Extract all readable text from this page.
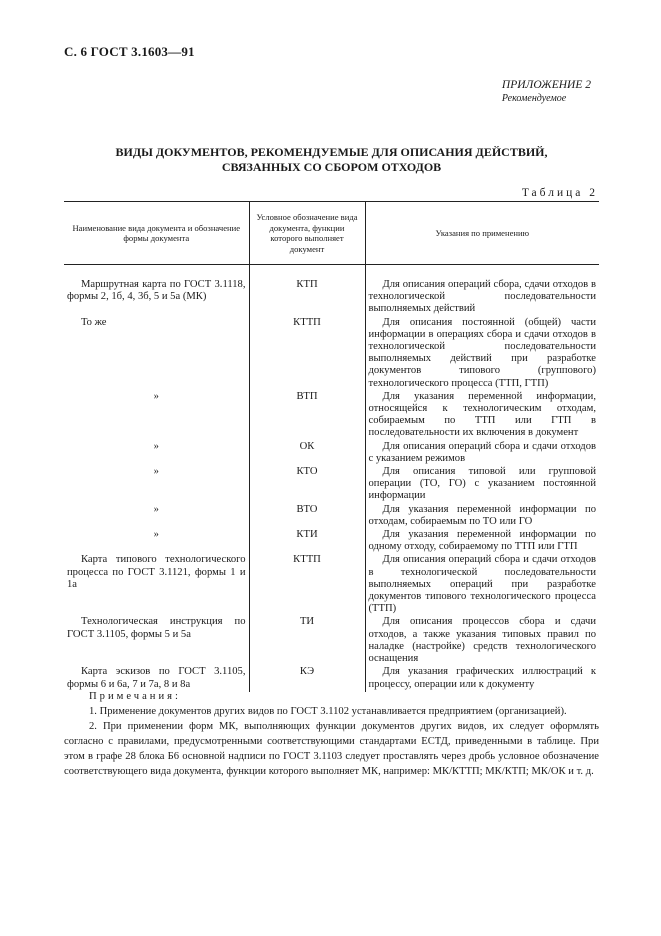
С. 6 ГОСТ 3.1603—91
ПРИЛОЖЕНИЕ 2
Рекомендуемое
ВИДЫ ДОКУМЕНТОВ, РЕКОМЕНДУЕМЫЕ ДЛЯ ОПИСАНИЯ ДЕЙСТВИЙ,
СВЯЗАННЫХ СО СБОРОМ ОТХОДОВ
Таблица 2
Наименование вида документа и обозначение формы документа	Условное обозначение вида документа, функции которого выполняет документ	Указания по применению

Маршрутная карта по ГОСТ 3.1118, формы 2, 1б, 4, 3б, 5 и 5а (МК)	КТП	Для описания операций сбора, сдачи отходов в технологической последовательности выполняемых действий
То же	КТТП	Для описания постоянной (общей) части информации в операциях сбора и сдачи отходов в технологической последовательности выполняемых действий при разработке документов типового (группового) технологического процесса (ТТП, ГТП)
»	ВТП	Для указания переменной информации, относящейся к технологическим отходам, собираемым по ТТП или ГТП в последовательности их включения в документ
»	ОК	Для описания операций сбора и сдачи отходов с указанием режимов
»	КТО	Для описания типовой или групповой операции (ТО, ГО) с указанием постоянной информации
»	ВТО	Для указания переменной информации по отходам, собираемым по ТО или ГО
»	КТИ	Для указания переменной информации по одному отходу, собираемому по ТТП или ГТП
Карта типового технологического процесса по ГОСТ 3.1121, формы 1 и 1а	КТТП	Для описания операций сбора и сдачи отходов в технологической последовательности выполняемых операций при разработке документов типового технологического процесса (ТТП)
Технологическая инструкция по ГОСТ 3.1105, формы 5 и 5а	ТИ	Для описания процессов сбора и сдачи отходов, а также указания типовых правил по наладке (настройке) средств технологического оснащения
Карта эскизов по ГОСТ 3.1105, формы 6 и 6а, 7 и 7а, 8 и 8а	КЭ	Для указания графических иллюстраций к процессу, операции или к документу
Примечания:

1. Применение документов других видов по ГОСТ 3.1102 устанавливается предприятием (организацией).

2. При применении форм МК, выполняющих функции документов других видов, их следует оформлять согласно с правилами, предусмотренными соответствующими стандартами ЕСТД, приведенными в таблице. При этом в графе 28 блока Б6 основной надписи по ГОСТ 3.1103 следует проставлять через дробь условное обозначение соответствующего вида документа, функции которого выполняет МК, например: МК/КТТП; МК/КТП; МК/ОК и т. д.
